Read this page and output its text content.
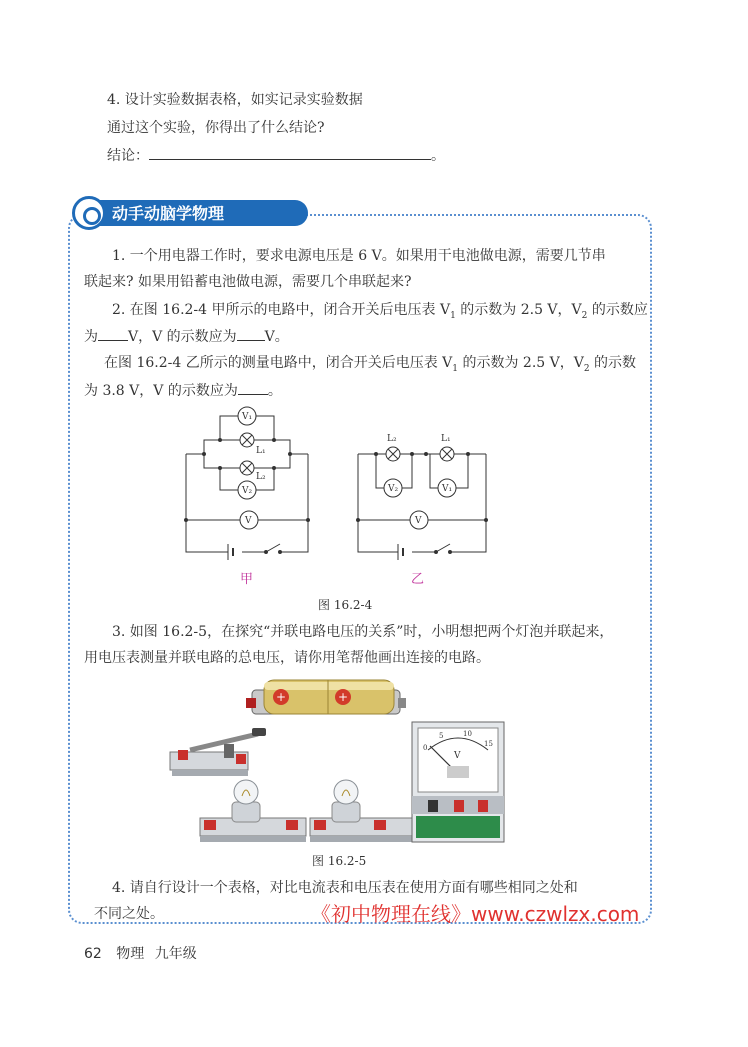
4. 设计实验数据表格，如实记录实验数据
通过这个实验，你得出了什么结论?
结论：	。
动手动脑学物理
1. 一个用电器工作时，要求电源电压是 6 V。如果用干电池做电源，需要几节串
联起来? 如果用铅蓄电池做电源，需要几个串联起来?
2. 在图 16.2-4 甲所示的电路中，闭合开关后电压表 $V_1$ 的示数为 2.5 V，$V_2$ 的示数应
为 V，V 的示数应为 V。
在图 16.2-4 乙所示的测量电路中，闭合开关后电压表 $V_1$ 的示数为 2.5 V，$V_2$ 的示数
为 3.8 V，V 的示数应为 。
V₁
V₂
V
L₁
L₂
L₂	L₁
V₂	V₁
V
甲	乙
图 16.2-4
3. 如图 16.2-5，在探究“并联电路电压的关系”时，小明想把两个灯泡并联起来，
用电压表测量并联电路的总电压，请你用笔帮他画出连接的电路。
+	+
0
5	10
15
V
图 16.2-5
4. 请自行设计一个表格，对比电流表和电压表在使用方面有哪些相同之处和
不同之处。	《初中物理在线》www.czwlzx.com
62 物理 九年级
